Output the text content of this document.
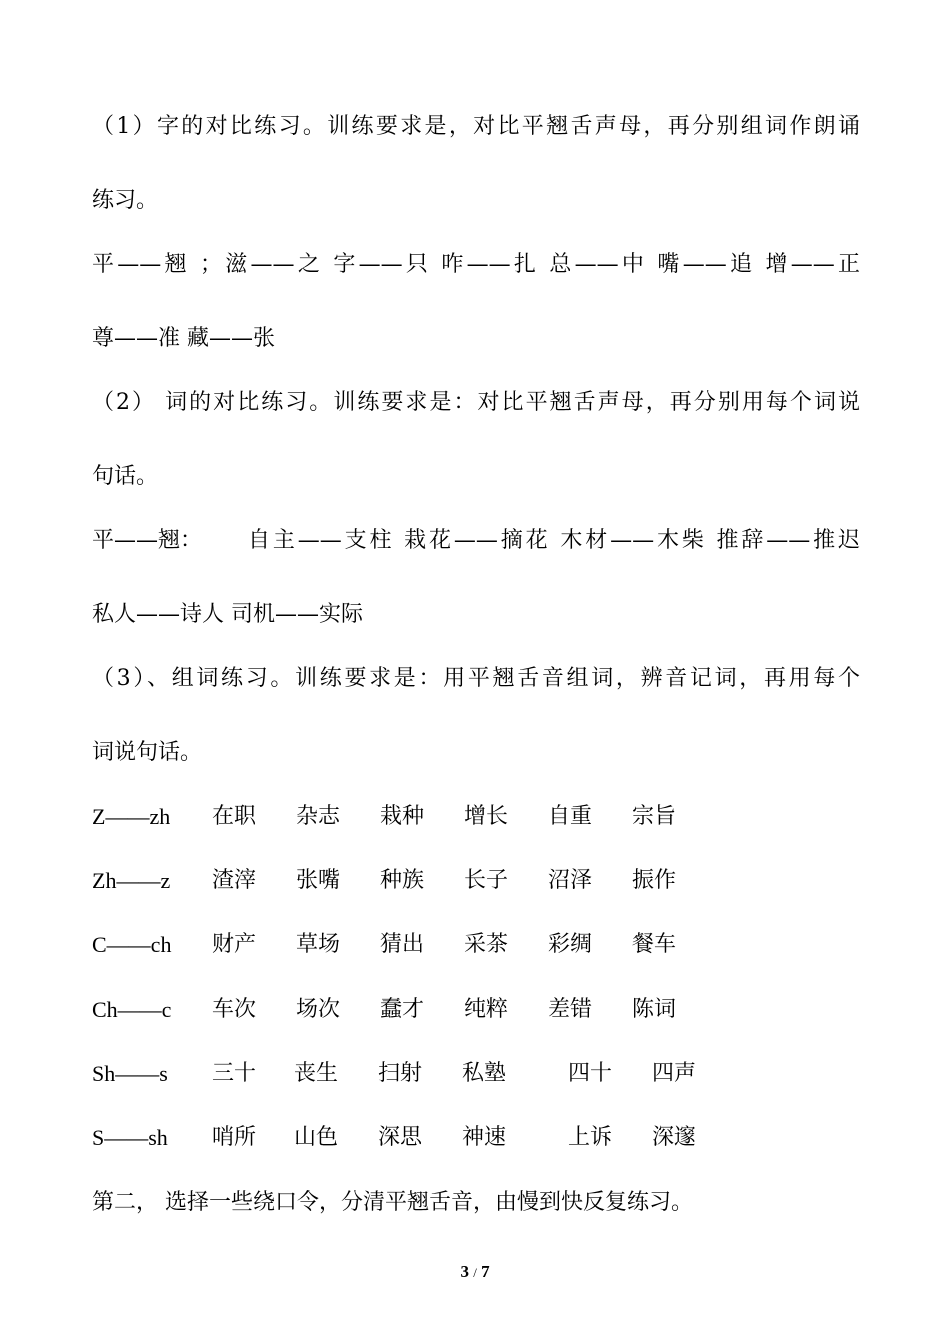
（1）字的对比练习。训练要求是，对比平翘舌声母，再分别组词作朗诵
练习。
平——翘 ；滋——之 字——只 咋——扎 总——中 嘴——追 增——正
尊——准 藏——张
（2） 词的对比练习。训练要求是：对比平翘舌声母，再分别用每个词说
句话。
平——翘： 自主——支柱 栽花——摘花 木材——木柴 推辞——推迟
私人——诗人 司机——实际
（3）、组词练习。训练要求是：用平翘舌音组词，辨音记词，再用每个
词说句话。
Z——zh 在职 杂志 栽种 增长 自重 宗旨
Zh——z 渣滓 张嘴 种族 长子 沼泽 振作
C——ch 财产 草场 猜出 采茶 彩绸 餐车
Ch——c 车次 场次 蠢才 纯粹 差错 陈词
Sh——s 三十 丧生 扫射 私塾	四十 四声
S——sh 哨所 山色 深思 神速	上诉 深邃
第二， 选择一些绕口令，分清平翘舌音，由慢到快反复练习。
3 / 7
